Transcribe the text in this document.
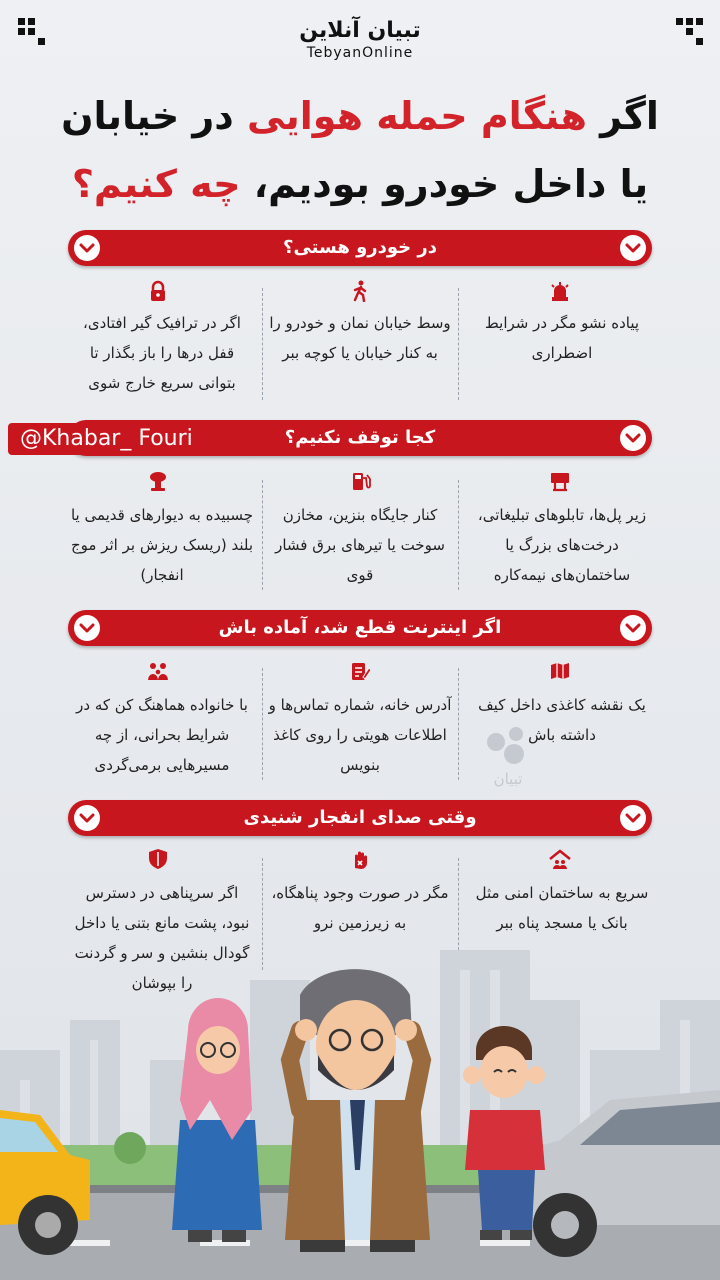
تبیان آنلاین
TebyanOnline
اگر هنگام حمله هوایی در خیابان
یا داخل خودرو بودیم، چه کنیم؟
در خودرو هستی؟
پیاده نشو مگر در شرایط اضطراری
وسط خیابان نمان و خودرو را به کنار خیابان یا کوچه ببر
اگر در ترافیک گیر افتادی، قفل درها را باز بگذار تا بتوانی سریع خارج شوی
کجا توقف نکنیم؟
@Khabar_ Fouri
زیر پل‌ها، تابلوهای تبلیغاتی، درخت‌های بزرگ یا ساختمان‌های نیمه‌کاره
کنار جایگاه بنزین، مخازن سوخت یا تیرهای برق فشار قوی
چسبیده به دیوارهای قدیمی یا بلند (ریسک ریزش بر اثر موج انفجار)
اگر اینترنت قطع شد، آماده باش
تبیان
یک نقشه کاغذی داخل کیف داشته باش
آدرس خانه، شماره تماس‌ها و اطلاعات هویتی را روی کاغذ بنویس
با خانواده هماهنگ کن که در شرایط بحرانی، از چه مسیرهایی برمی‌گردی
وقتی صدای انفجار شنیدی
سریع به ساختمان امنی مثل بانک یا مسجد پناه ببر
مگر در صورت وجود پناهگاه، به زیرزمین نرو
اگر سرپناهی در دسترس نبود، پشت مانع بتنی یا داخل گودال بنشین و سر و گردنت را بپوشان
